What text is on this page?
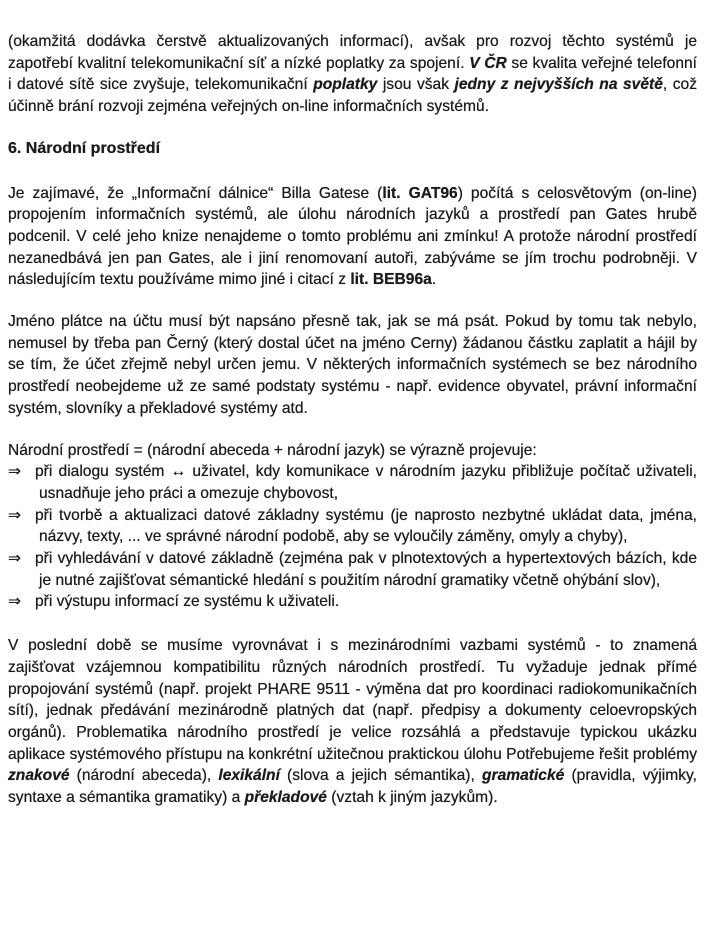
(okamžitá dodávka čerstvě aktualizovaných informací), avšak pro rozvoj těchto systémů je zapotřebí kvalitní telekomunikační síť a nízké poplatky za spojení. V ČR se kvalita veřejné telefonní i datové sítě sice zvyšuje, telekomunikační poplatky jsou však jedny z nejvyšších na světě, což účinně brání rozvoji zejména veřejných on-line informačních systémů.

6. Národní prostředí

Je zajímavé, že „Informační dálnice“ Billa Gatese (lit. GAT96) počítá s celosvětovým (on-line) propojením informačních systémů, ale úlohu národních jazyků a prostředí pan Gates hrubě podcenil. V celé jeho knize nenajdeme o tomto problému ani zmínku! A protože národní prostředí nezanedbává jen pan Gates, ale i jiní renomovaní autoři, zabýváme se jím trochu podrobněji. V následujícím textu používáme mimo jiné i citací z lit. BEB96a.

Jméno plátce na účtu musí být napsáno přesně tak, jak se má psát. Pokud by tomu tak nebylo, nemusel by třeba pan Černý (který dostal účet na jméno Cerny) žádanou částku zaplatit a hájil by se tím, že účet zřejmě nebyl určen jemu. V některých informačních systémech se bez národního prostředí neobejdeme už ze samé podstaty systému - např. evidence obyvatel, právní informační systém, slovníky a překladové systémy atd.

Národní prostředí = (národní abeceda + národní jazyk) se výrazně projevuje:

⇒ při dialogu systém ↔ uživatel, kdy komunikace v národním jazyku přibližuje počítač uživateli, usnadňuje jeho práci a omezuje chybovost,
⇒ při tvorbě a aktualizaci datové základny systému (je naprosto nezbytné ukládat data, jména, názvy, texty, ... ve správné národní podobě, aby se vyloučily záměny, omyly a chyby),
⇒ při vyhledávání v datové základně (zejména pak v plnotextových a hypertextových bázích, kde je nutné zajišťovat sémantické hledání s použitím národní gramatiky včetně ohýbání slov),
⇒ při výstupu informací ze systému k uživateli.

V poslední době se musíme vyrovnávat i s mezinárodními vazbami systémů - to znamená zajišťovat vzájemnou kompatibilitu různých národních prostředí. Tu vyžaduje jednak přímé propojování systémů (např. projekt PHARE 9511 - výměna dat pro koordinaci radiokomunikačních sítí), jednak předávání mezinárodně platných dat (např. předpisy a dokumenty celoevropských orgánů). Problematika národního prostředí je velice rozsáhlá a představuje typickou ukázku aplikace systémového přístupu na konkrétní užitečnou praktickou úlohu Potřebujeme řešit problémy znakové (národní abeceda), lexikální (slova a jejich sémantika), gramatické (pravidla, výjimky, syntaxe a sémantika gramatiky) a překladové (vztah k jiným jazykům).
